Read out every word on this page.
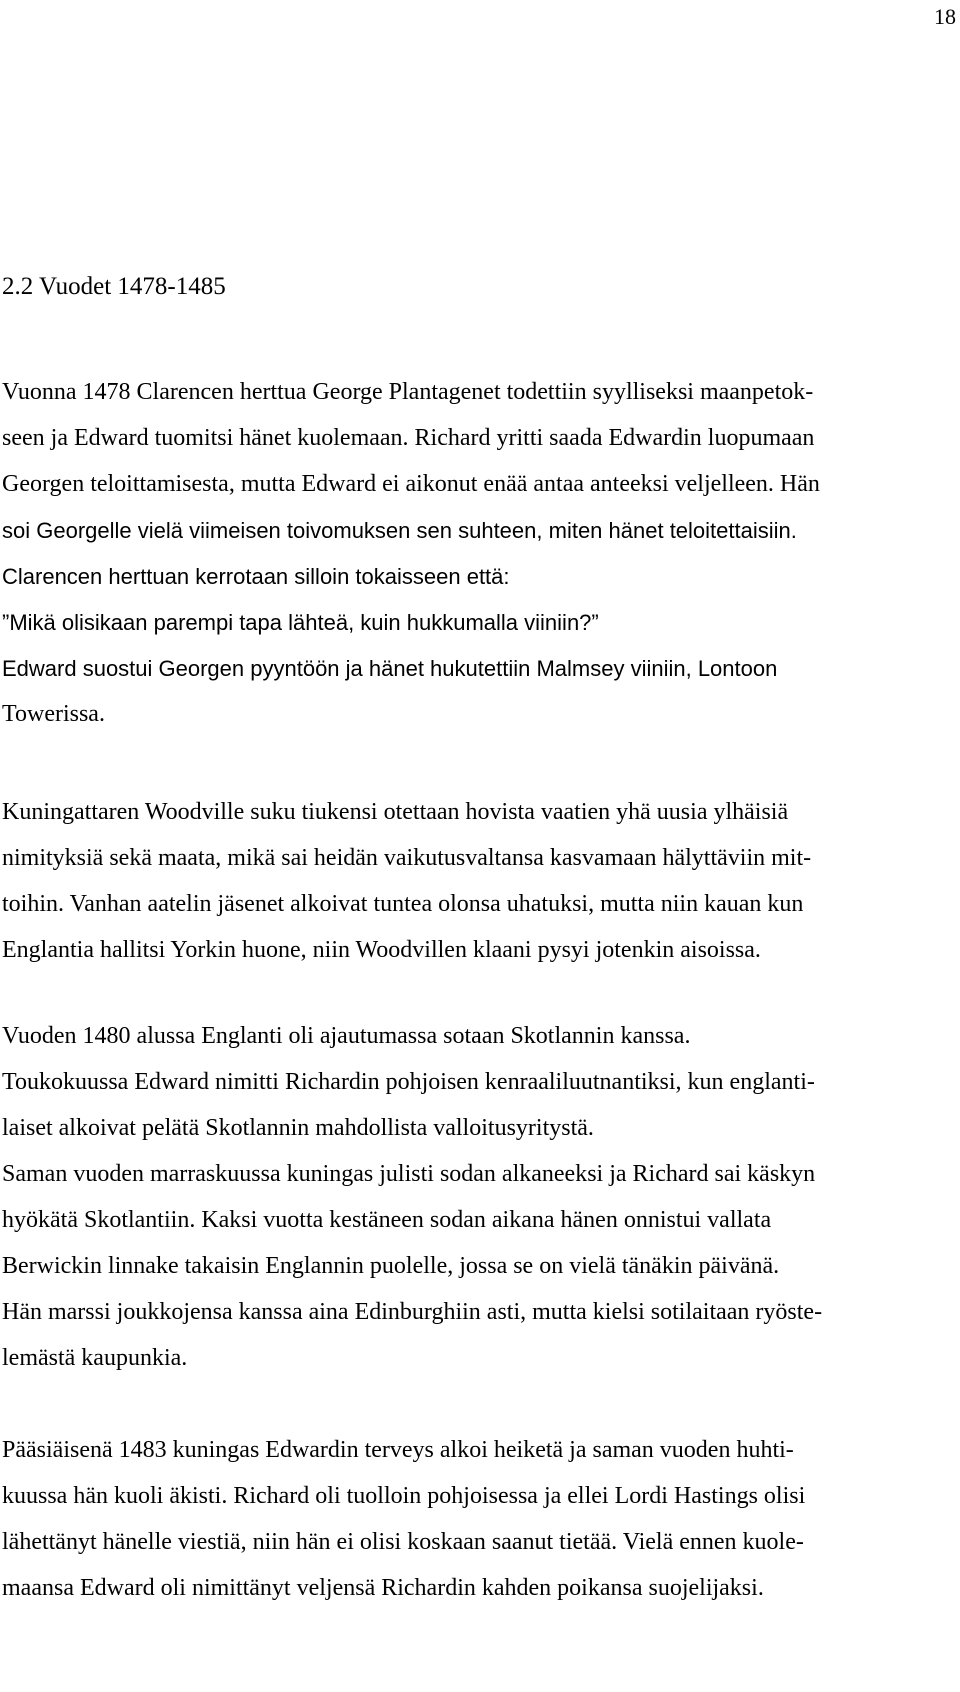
18
2.2 Vuodet 1478-1485

Vuonna 1478 Clarencen herttua George Plantagenet todettiin syylliseksi maanpetok-

seen ja Edward tuomitsi hänet kuolemaan. Richard yritti saada Edwardin luopumaan

Georgen teloittamisesta, mutta Edward ei aikonut enää antaa anteeksi veljelleen. Hän

soi Georgelle vielä viimeisen toivomuksen sen suhteen, miten hänet teloitettaisiin.

Clarencen herttuan kerrotaan silloin tokaisseen että:

”Mikä olisikaan parempi tapa lähteä, kuin hukkumalla viiniin?”

Edward suostui Georgen pyyntöön ja hänet hukutettiin Malmsey viiniin, Lontoon

Towerissa.

Kuningattaren Woodville suku tiukensi otettaan hovista vaatien yhä uusia ylhäisiä

nimityksiä sekä maata, mikä sai heidän vaikutusvaltansa kasvamaan hälyttäviin mit-

toihin. Vanhan aatelin jäsenet alkoivat tuntea olonsa uhatuksi, mutta niin kauan kun

Englantia hallitsi Yorkin huone, niin Woodvillen klaani pysyi jotenkin aisoissa.

Vuoden 1480 alussa Englanti oli ajautumassa sotaan Skotlannin kanssa.

Toukokuussa Edward nimitti Richardin pohjoisen kenraaliluutnantiksi, kun englanti-

laiset alkoivat pelätä Skotlannin mahdollista valloitusyritystä.

Saman vuoden marraskuussa kuningas julisti sodan alkaneeksi ja Richard sai käskyn

hyökätä Skotlantiin. Kaksi vuotta kestäneen sodan aikana hänen onnistui vallata

Berwickin linnake takaisin Englannin puolelle, jossa se on vielä tänäkin päivänä.

Hän marssi joukkojensa kanssa aina Edinburghiin asti, mutta kielsi sotilaitaan ryöste-

lemästä kaupunkia.

Pääsiäisenä 1483 kuningas Edwardin terveys alkoi heiketä ja saman vuoden huhti-

kuussa hän kuoli äkisti. Richard oli tuolloin pohjoisessa ja ellei Lordi Hastings olisi

lähettänyt hänelle viestiä, niin hän ei olisi koskaan saanut tietää. Vielä ennen kuole-

maansa Edward oli nimittänyt veljensä Richardin kahden poikansa suojelijaksi.
